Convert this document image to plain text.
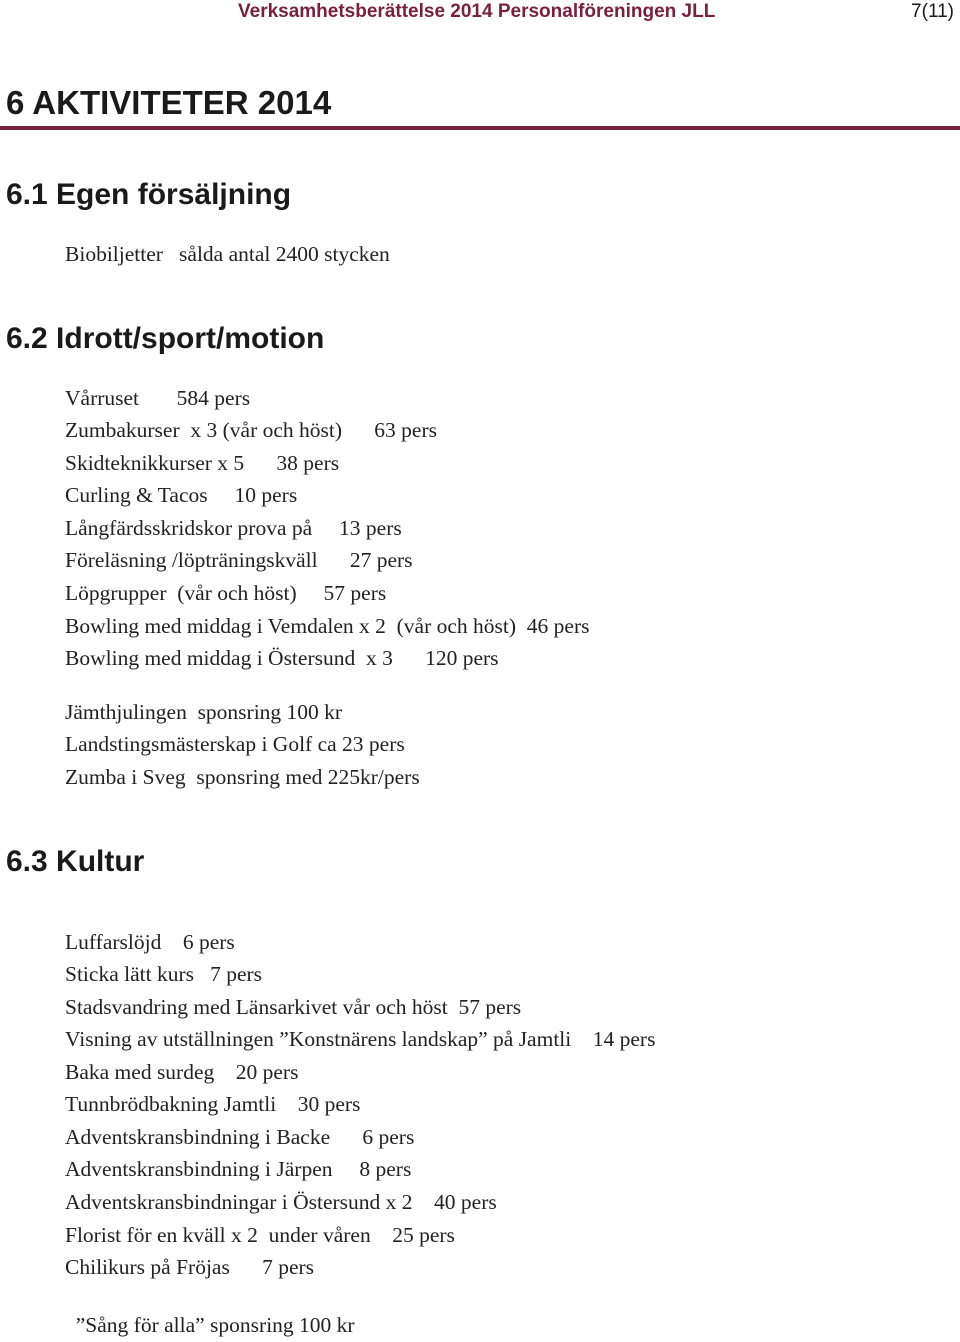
Verksamhetsberättelse 2014 Personalföreningen JLL	7(11)
6 AKTIVITETER 2014
6.1 Egen försäljning
Biobiljetter   sålda antal 2400 stycken
6.2 Idrott/sport/motion
Vårruset       584 pers
Zumbakurser  x 3 (vår och höst)      63 pers
Skidteknikkurser x 5      38 pers
Curling & Tacos     10 pers
Långfärdsskridskor prova på     13 pers
Föreläsning /löpträningskväll      27 pers
Löpgrupper  (vår och höst)     57 pers
Bowling med middag i Vemdalen x 2  (vår och höst)  46 pers
Bowling med middag i Östersund  x 3      120 pers
Jämthjulingen  sponsring 100 kr
Landstingsmästerskap i Golf ca 23 pers
Zumba i Sveg  sponsring med 225kr/pers
6.3 Kultur
Luffarslöjd    6 pers
Sticka lätt kurs   7 pers
Stadsvandring med Länsarkivet vår och höst  57 pers
Visning av utställningen ”Konstnärens landskap” på Jamtli    14 pers
Baka med surdeg    20 pers
Tunnbrödbakning Jamtli    30 pers
Adventskransbindning i Backe      6 pers
Adventskransbindning i Järpen     8 pers
Adventskransbindningar i Östersund x 2    40 pers
Florist för en kväll x 2  under våren    25 pers
Chilikurs på Fröjas      7 pers
”Sång för alla” sponsring 100 kr
